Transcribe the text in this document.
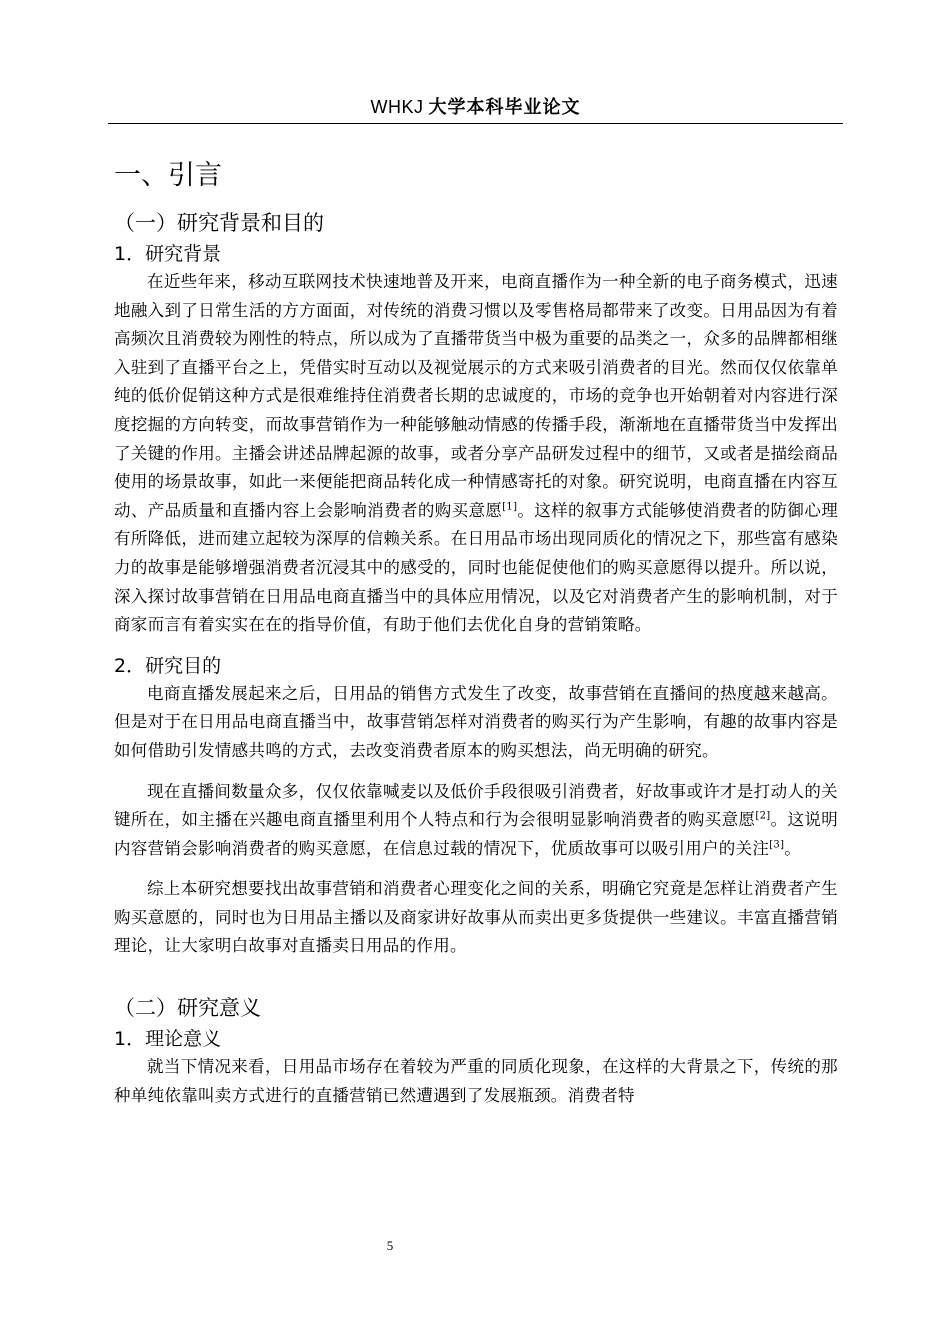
WHKJ 大学本科毕业论文
一、引言
（一）研究背景和目的
1．研究背景

在近些年来，移动互联网技术快速地普及开来，电商直播作为一种全新的电子商务模式，迅速地融入到了日常生活的方方面面，对传统的消费习惯以及零售格局都带来了改变。日用品因为有着高频次且消费较为刚性的特点，所以成为了直播带货当中极为重要的品类之一，众多的品牌都相继入驻到了直播平台之上，凭借实时互动以及视觉展示的方式来吸引消费者的目光。然而仅仅依靠单纯的低价促销这种方式是很难维持住消费者长期的忠诚度的，市场的竞争也开始朝着对内容进行深度挖掘的方向转变，而故事营销作为一种能够触动情感的传播手段，渐渐地在直播带货当中发挥出了关键的作用。主播会讲述品牌起源的故事，或者分享产品研发过程中的细节，又或者是描绘商品使用的场景故事，如此一来便能把商品转化成一种情感寄托的对象。研究说明，电商直播在内容互动、产品质量和直播内容上会影响消费者的购买意愿[1]。这样的叙事方式能够使消费者的防御心理有所降低，进而建立起较为深厚的信赖关系。在日用品市场出现同质化的情况之下，那些富有感染力的故事是能够增强消费者沉浸其中的感受的，同时也能促使他们的购买意愿得以提升。所以说，深入探讨故事营销在日用品电商直播当中的具体应用情况，以及它对消费者产生的影响机制，对于商家而言有着实实在在的指导价值，有助于他们去优化自身的营销策略。

2．研究目的

电商直播发展起来之后，日用品的销售方式发生了改变，故事营销在直播间的热度越来越高。但是对于在日用品电商直播当中，故事营销怎样对消费者的购买行为产生影响，有趣的故事内容是如何借助引发情感共鸣的方式，去改变消费者原本的购买想法，尚无明确的研究。

现在直播间数量众多，仅仅依靠喊麦以及低价手段很吸引消费者，好故事或许才是打动人的关键所在，如主播在兴趣电商直播里利用个人特点和行为会很明显影响消费者的购买意愿[2]。这说明内容营销会影响消费者的购买意愿，在信息过载的情况下，优质故事可以吸引用户的关注[3]。

综上本研究想要找出故事营销和消费者心理变化之间的关系，明确它究竟是怎样让消费者产生购买意愿的，同时也为日用品主播以及商家讲好故事从而卖出更多货提供一些建议。丰富直播营销理论，让大家明白故事对直播卖日用品的作用。

（二）研究意义
1．理论意义

就当下情况来看，日用品市场存在着较为严重的同质化现象，在这样的大背景之下，传统的那种单纯依靠叫卖方式进行的直播营销已然遭遇到了发展瓶颈。消费者特

5
